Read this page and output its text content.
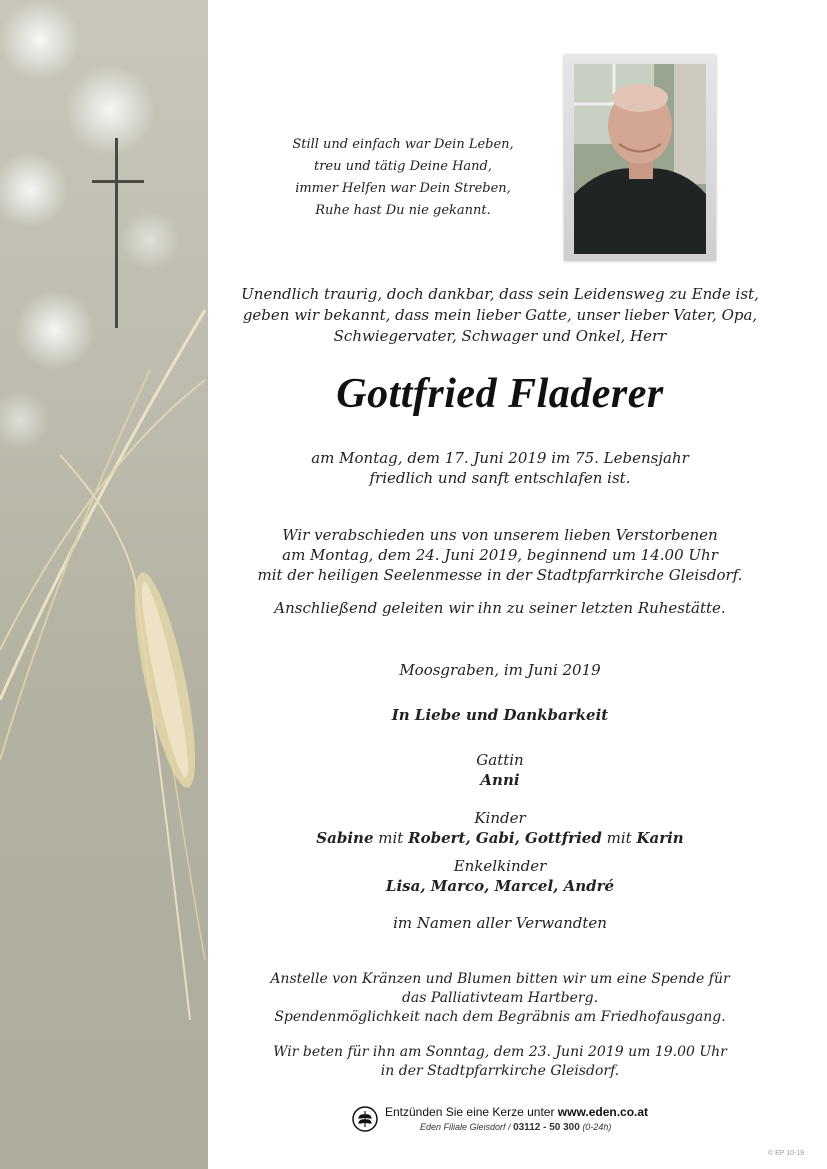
Still und einfach war Dein Leben,
treu und tätig Deine Hand,
immer Helfen war Dein Streben,
Ruhe hast Du nie gekannt.
Unendlich traurig, doch dankbar, dass sein Leidensweg zu Ende ist,
geben wir bekannt, dass mein lieber Gatte, unser lieber Vater, Opa,
Schwiegervater, Schwager und Onkel, Herr
Gottfried Fladerer
am Montag, dem 17. Juni 2019 im 75. Lebensjahr
friedlich und sanft entschlafen ist.
Wir verabschieden uns von unserem lieben Verstorbenen
am Montag, dem 24. Juni 2019, beginnend um 14.00 Uhr
mit der heiligen Seelenmesse in der Stadtpfarrkirche Gleisdorf.
Anschließend geleiten wir ihn zu seiner letzten Ruhestätte.
Moosgraben, im Juni 2019
In Liebe und Dankbarkeit
Gattin
Anni
Kinder
Sabine mit Robert, Gabi, Gottfried mit Karin
Enkelkinder
Lisa, Marco, Marcel, André
im Namen aller Verwandten
Anstelle von Kränzen und Blumen bitten wir um eine Spende für
das Palliativteam Hartberg.
Spendenmöglichkeit nach dem Begräbnis am Friedhofausgang.
Wir beten für ihn am Sonntag, dem 23. Juni 2019 um 19.00 Uhr
in der Stadtpfarrkirche Gleisdorf.
Entzünden Sie eine Kerze unter www.eden.co.at
Eden Filiale Gleisdorf / 03112 - 50 300 (0-24h)
© EP 10-19
